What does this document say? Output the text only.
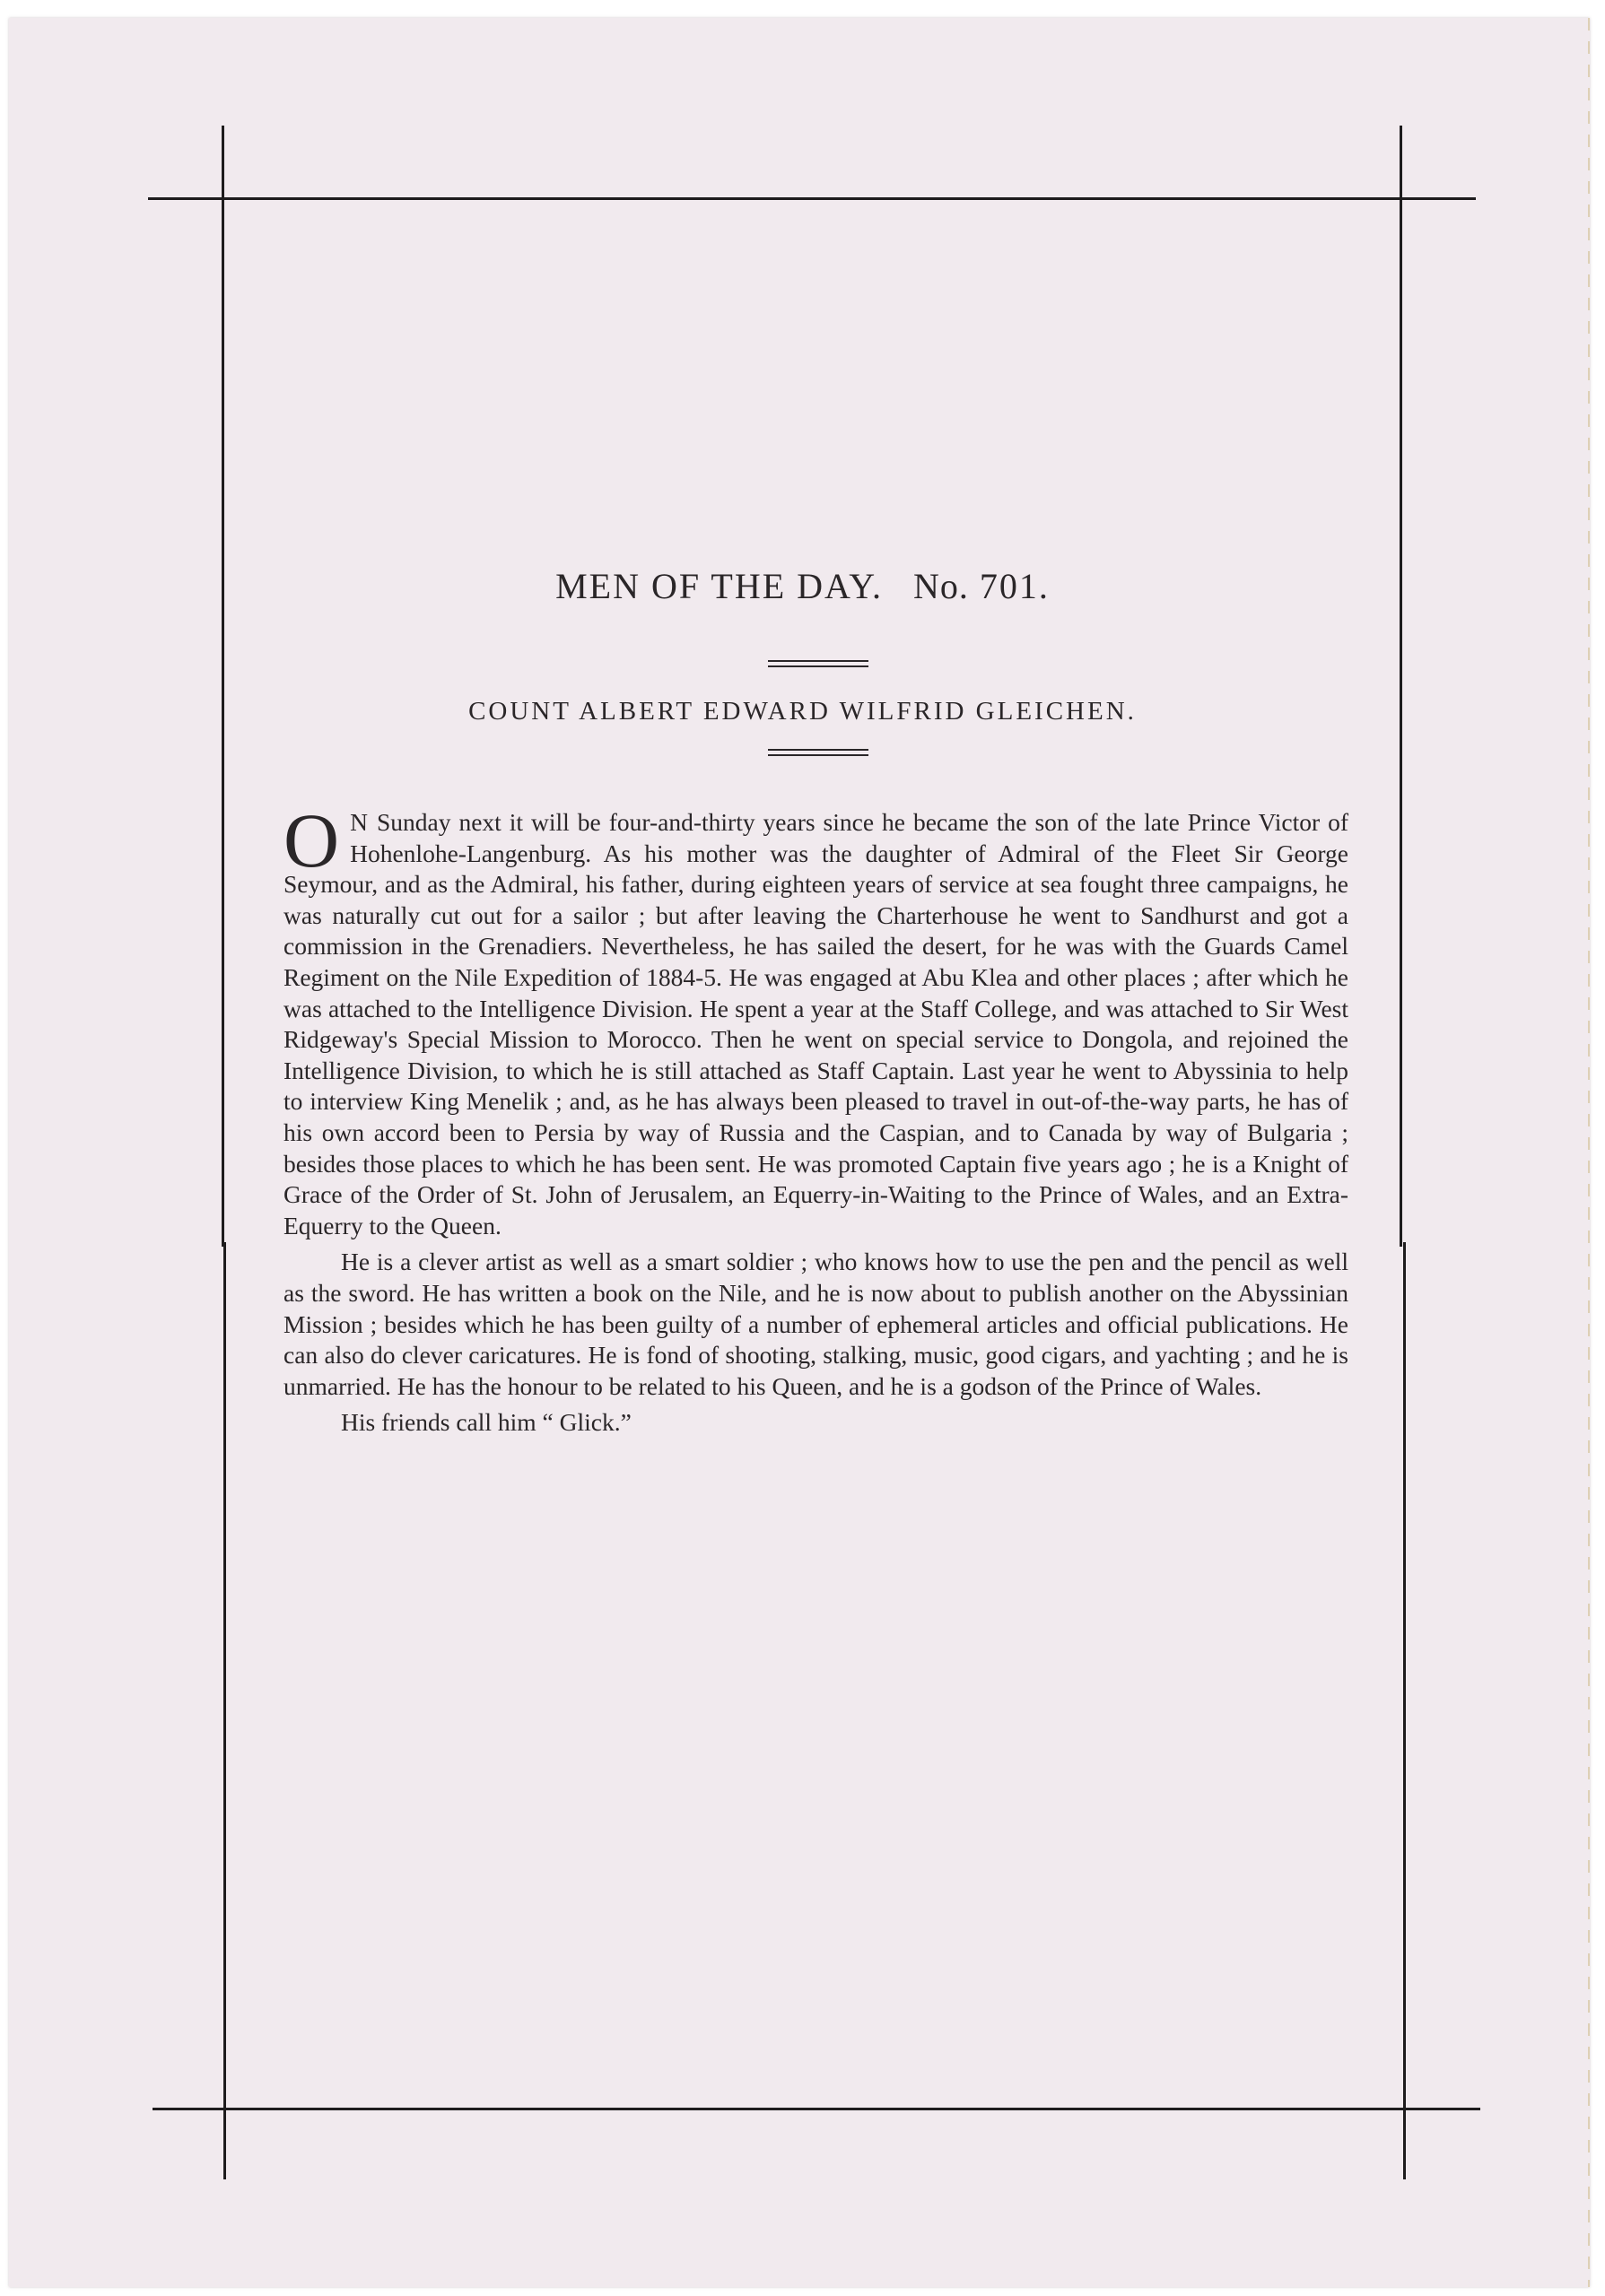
MEN OF THE DAY. No. 701.
COUNT ALBERT EDWARD WILFRID GLEICHEN.

O N Sunday next it will be four-and-thirty years since he became the son of the late Prince Victor of Hohenlohe-Langenburg. As his mother was the daughter of Admiral of the Fleet Sir George Seymour, and as the Admiral, his father, during eighteen years of service at sea fought three campaigns, he was naturally cut out for a sailor ; but after leaving the Charterhouse he went to Sandhurst and got a commission in the Grenadiers. Nevertheless, he has sailed the desert, for he was with the Guards Camel Regiment on the Nile Expedition of 1884-5. He was engaged at Abu Klea and other places ; after which he was attached to the Intelligence Division. He spent a year at the Staff College, and was attached to Sir West Ridgeway's Special Mission to Morocco. Then he went on special service to Dongola, and rejoined the Intelligence Division, to which he is still attached as Staff Captain. Last year he went to Abyssinia to help to interview King Menelik ; and, as he has always been pleased to travel in out-of-the-way parts, he has of his own accord been to Persia by way of Russia and the Caspian, and to Canada by way of Bulgaria ; besides those places to which he has been sent. He was promoted Captain five years ago ; he is a Knight of Grace of the Order of St. John of Jerusalem, an Equerry-in-Waiting to the Prince of Wales, and an Extra-Equerry to the Queen.

He is a clever artist as well as a smart soldier ; who knows how to use the pen and the pencil as well as the sword. He has written a book on the Nile, and he is now about to publish another on the Abyssinian Mission ; besides which he has been guilty of a number of ephemeral articles and official publications. He can also do clever caricatures. He is fond of shooting, stalking, music, good cigars, and yachting ; and he is unmarried. He has the honour to be related to his Queen, and he is a godson of the Prince of Wales.

His friends call him “ Glick.”
